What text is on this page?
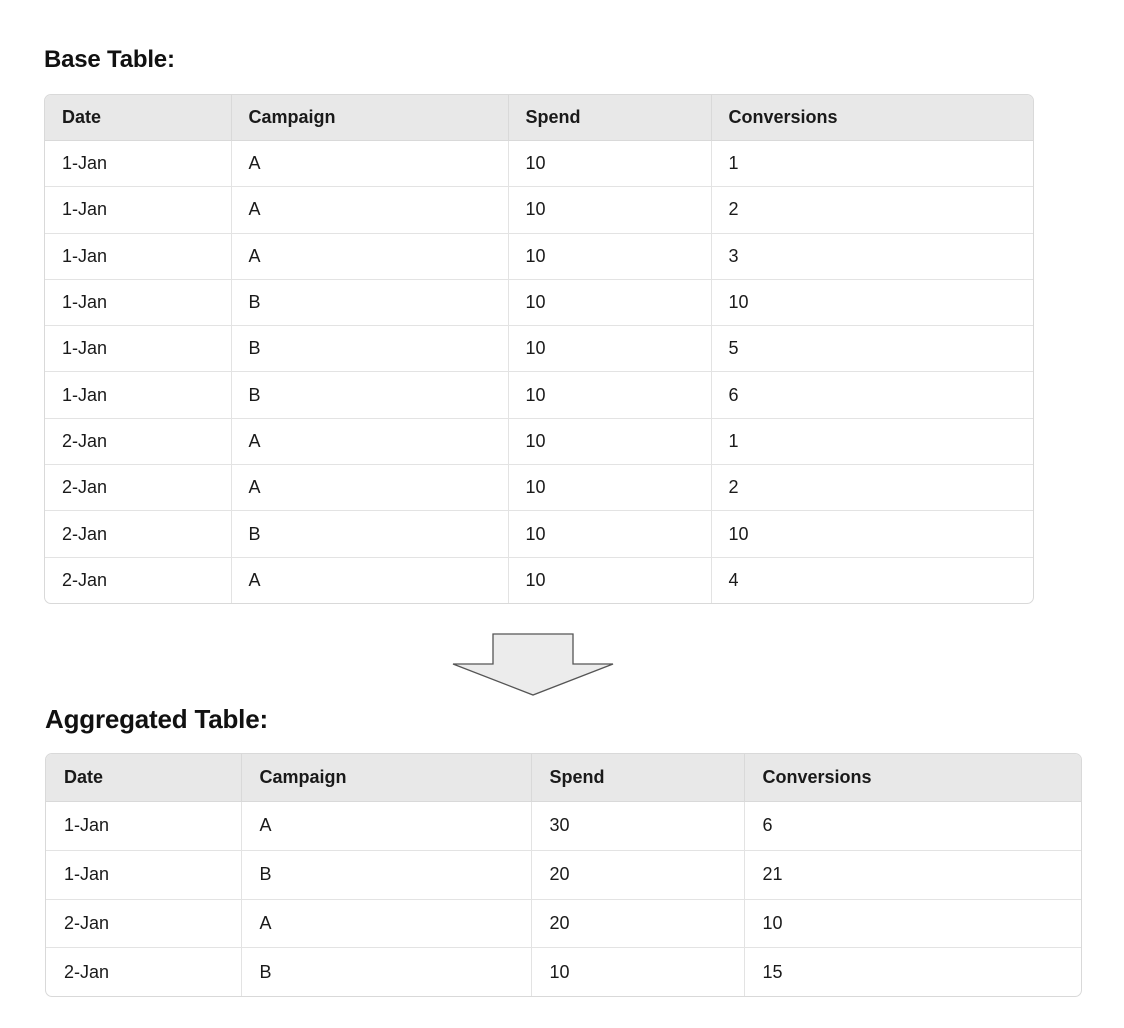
Base Table:
Date	Campaign	Spend	Conversions
1-Jan	A	10	1
1-Jan	A	10	2
1-Jan	A	10	3
1-Jan	B	10	10
1-Jan	B	10	5
1-Jan	B	10	6
2-Jan	A	10	1
2-Jan	A	10	2
2-Jan	B	10	10
2-Jan	A	10	4
Aggregated Table:
Date	Campaign	Spend	Conversions
1-Jan	A	30	6
1-Jan	B	20	21
2-Jan	A	20	10
2-Jan	B	10	15
